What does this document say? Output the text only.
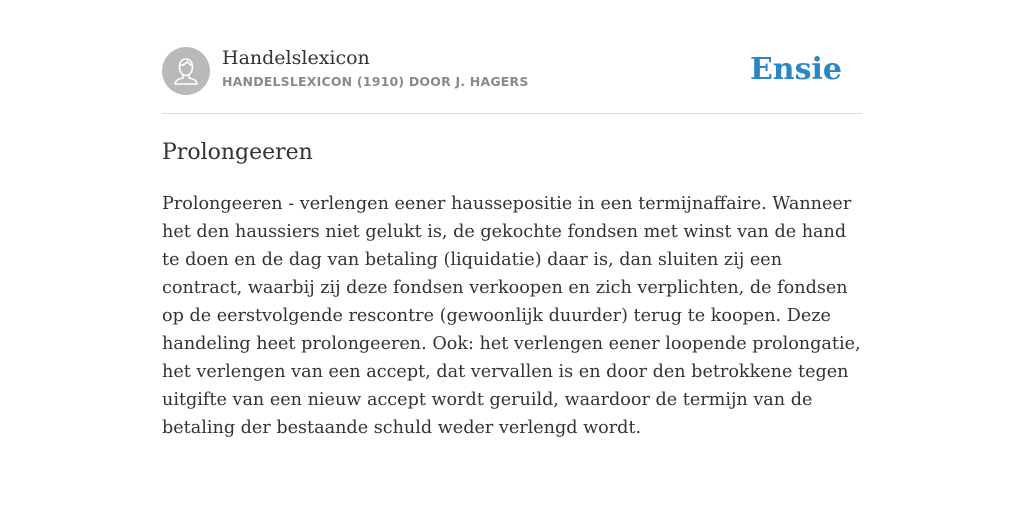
Handelslexicon
HANDELSLEXICON (1910) DOOR J. HAGERS	Ensie
Prolongeeren

Prolongeeren - verlengen eener haussepositie in een termijnaffaire. Wanneer het den haussiers niet gelukt is, de gekochte fondsen met winst van de hand te doen en de dag van betaling (liquidatie) daar is, dan sluiten zij een contract, waarbij zij deze fondsen verkoopen en zich verplichten, de fondsen op de eerstvolgende rescontre (gewoonlijk duurder) terug te koopen. Deze handeling heet prolongeeren. Ook: het verlengen eener loopende prolongatie, het verlengen van een accept, dat vervallen is en door den betrokkene tegen uitgifte van een nieuw accept wordt geruild, waardoor de termijn van de betaling der bestaande schuld weder verlengd wordt.
